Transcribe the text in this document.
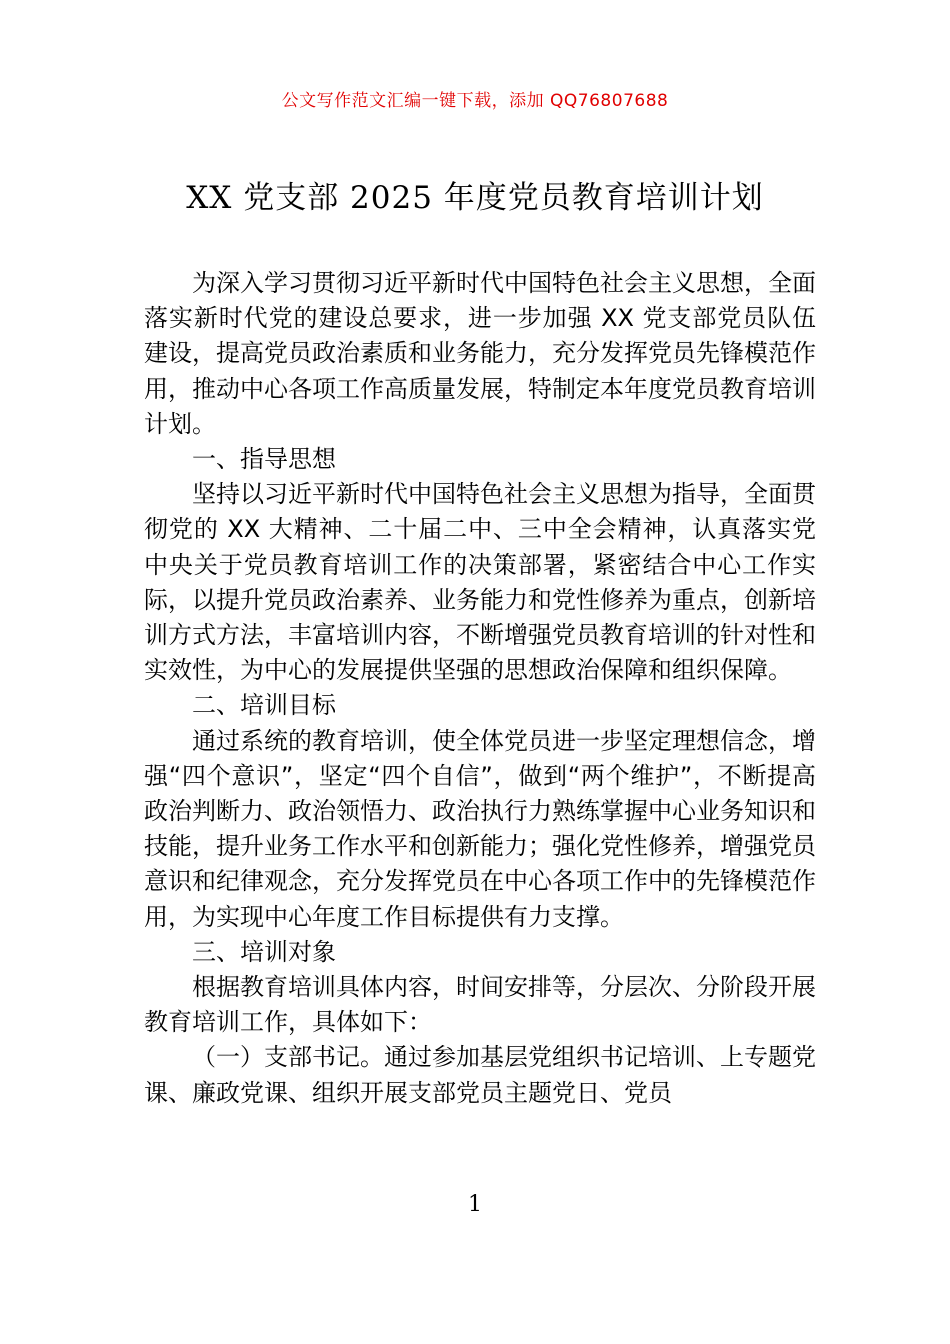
公文写作范文汇编一键下载，添加 QQ76807688
XX 党支部 2025 年度党员教育培训计划

为深入学习贯彻习近平新时代中国特色社会主义思想，全面落实新时代党的建设总要求，进一步加强 XX 党支部党员队伍建设，提高党员政治素质和业务能力，充分发挥党员先锋模范作用，推动中心各项工作高质量发展，特制定本年度党员教育培训计划。

一、指导思想

坚持以习近平新时代中国特色社会主义思想为指导，全面贯彻党的 XX 大精神、二十届二中、三中全会精神，认真落实党中央关于党员教育培训工作的决策部署，紧密结合中心工作实际，以提升党员政治素养、业务能力和党性修养为重点，创新培训方式方法，丰富培训内容，不断增强党员教育培训的针对性和实效性，为中心的发展提供坚强的思想政治保障和组织保障。

二、培训目标

通过系统的教育培训，使全体党员进一步坚定理想信念，增强“四个意识”，坚定“四个自信”，做到“两个维护”，不断提高政治判断力、政治领悟力、政治执行力熟练掌握中心业务知识和技能，提升业务工作水平和创新能力；强化党性修养，增强党员意识和纪律观念，充分发挥党员在中心各项工作中的先锋模范作用，为实现中心年度工作目标提供有力支撑。

三、培训对象

根据教育培训具体内容，时间安排等，分层次、分阶段开展教育培训工作，具体如下：

（一）支部书记。通过参加基层党组织书记培训、上专题党课、廉政党课、组织开展支部党员主题党日、党员

1
